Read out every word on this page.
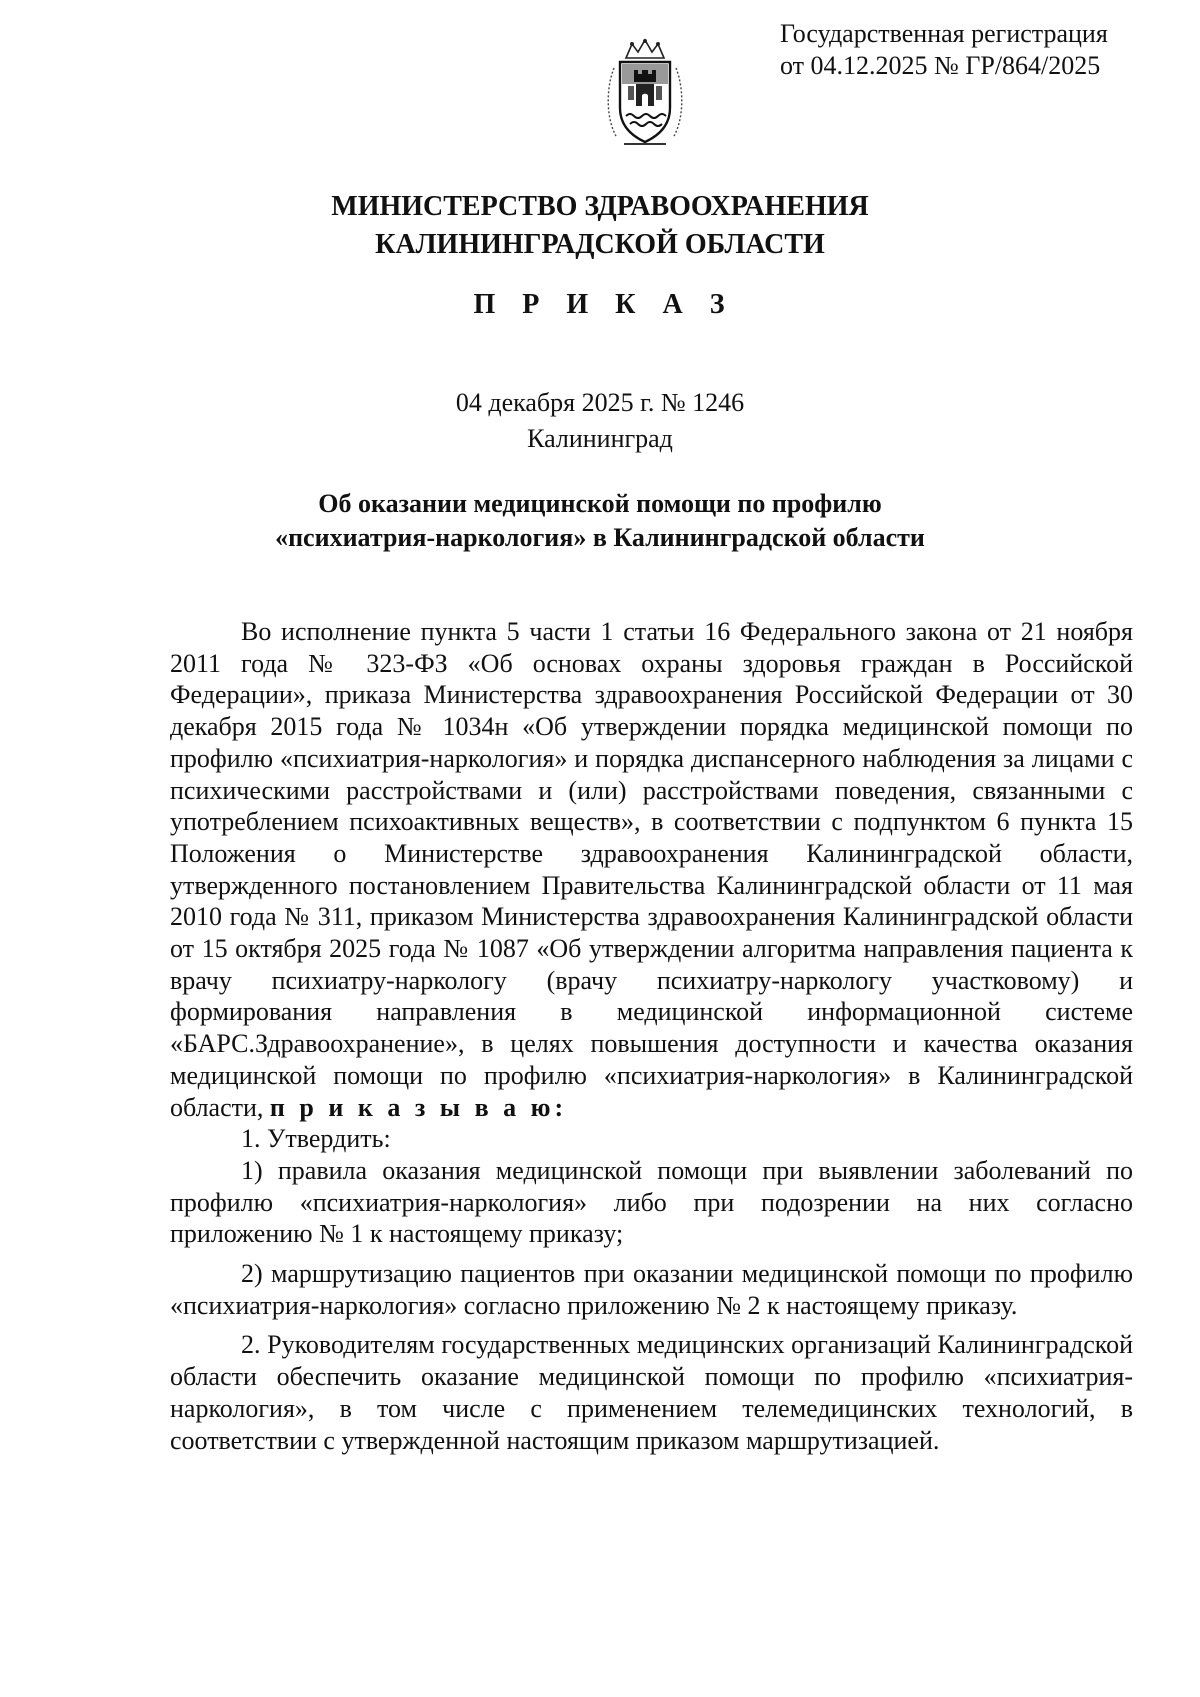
Государственная регистрация
от 04.12.2025 № ГР/864/2025
МИНИСТЕРСТВО ЗДРАВООХРАНЕНИЯ
КАЛИНИНГРАДСКОЙ ОБЛАСТИ
П Р И К А З
04 декабря 2025 г. № 1246
Калининград
Об оказании медицинской помощи по профилю
«психиатрия-наркология» в Калининградской области

Во исполнение пункта 5 части 1 статьи 16 Федерального закона от 21 ноября 2011 года № 323-ФЗ «Об основах охраны здоровья граждан в Российской Федерации», приказа Министерства здравоохранения Российской Федерации от 30 декабря 2015 года № 1034н «Об утверждении порядка медицинской помощи по профилю «психиатрия-наркология» и порядка диспансерного наблюдения за лицами с психическими расстройствами и (или) расстройствами поведения, связанными с употреблением психоактивных веществ», в соответствии с подпунктом 6 пункта 15 Положения о Министерстве здравоохранения Калининградской области, утвержденного постановлением Правительства Калининградской области от 11 мая 2010 года № 311, приказом Министерства здравоохранения Калининградской области от 15 октября 2025 года № 1087 «Об утверждении алгоритма направления пациента к врачу психиатру-наркологу (врачу психиатру-наркологу участковому) и формирования направления в медицинской информационной системе «БАРС.Здравоохранение», в целях повышения доступности и качества оказания медицинской помощи по профилю «психиатрия-наркология» в Калининградской области, п р и к а з ы в а ю:

1. Утвердить:

1) правила оказания медицинской помощи при выявлении заболеваний по профилю «психиатрия-наркология» либо при подозрении на них согласно приложению № 1 к настоящему приказу;

2) маршрутизацию пациентов при оказании медицинской помощи по профилю «психиатрия-наркология» согласно приложению № 2 к настоящему приказу.

2. Руководителям государственных медицинских организаций Калининградской области обеспечить оказание медицинской помощи по профилю «психиатрия-наркология», в том числе с применением телемедицинских технологий, в соответствии с утвержденной настоящим приказом маршрутизацией.
